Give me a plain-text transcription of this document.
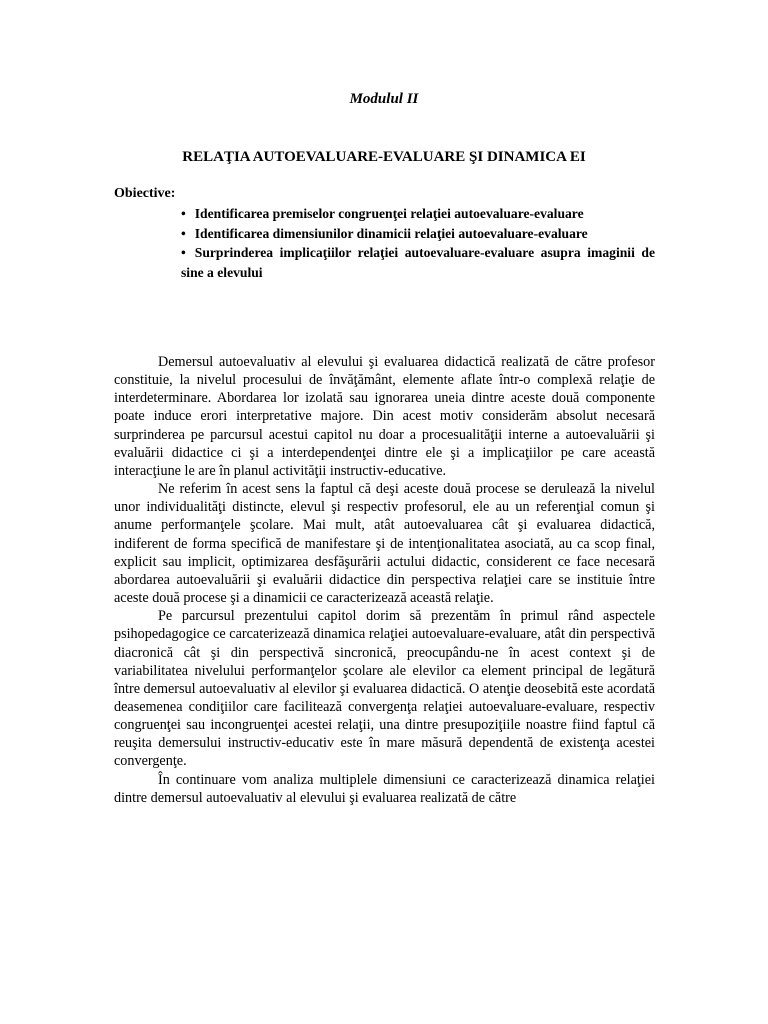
Modulul II
RELAŢIA AUTOEVALUARE-EVALUARE ŞI DINAMICA EI
Obiective:
• Identificarea premiselor congruenţei relaţiei autoevaluare-evaluare
• Identificarea dimensiunilor dinamicii relaţiei autoevaluare-evaluare
• Surprinderea implicaţiilor relaţiei autoevaluare-evaluare asupra imaginii de sine a elevului

Demersul autoevaluativ al elevului şi evaluarea didactică realizată de către profesor constituie, la nivelul procesului de învăţământ, elemente aflate într-o complexă relaţie de interdeterminare. Abordarea lor izolată sau ignorarea uneia dintre aceste două componente poate induce erori interpretative majore. Din acest motiv considerăm absolut necesară surprinderea pe parcursul acestui capitol nu doar a procesualităţii interne a autoevaluării şi evaluării didactice ci şi a interdependenţei dintre ele şi a implicaţiilor pe care această interacţiune le are în planul activităţii instructiv-educative.

Ne referim în acest sens la faptul că deşi aceste două procese se derulează la nivelul unor individualităţi distincte, elevul şi respectiv profesorul, ele au un referenţial comun şi anume performanţele şcolare. Mai mult, atât autoevaluarea cât şi evaluarea didactică, indiferent de forma specifică de manifestare şi de intenţionalitatea asociată, au ca scop final, explicit sau implicit, optimizarea desfăşurării actului didactic, considerent ce face necesară abordarea autoevaluării şi evaluării didactice din perspectiva relaţiei care se instituie între aceste două procese şi a dinamicii ce caracterizează această relaţie.

Pe parcursul prezentului capitol dorim să prezentăm în primul rând aspectele psihopedagogice ce carcaterizează dinamica relaţiei autoevaluare-evaluare, atât din perspectivă diacronică cât şi din perspectivă sincronică, preocupându-ne în acest context şi de variabilitatea nivelului performanţelor şcolare ale elevilor ca element principal de legătură între demersul autoevaluativ al elevilor şi evaluarea didactică. O atenţie deosebită este acordată deasemenea condiţiilor care facilitează convergenţa relaţiei autoevaluare-evaluare, respectiv congruenţei sau incongruenţei acestei relaţii, una dintre presupoziţiile noastre fiind faptul că reuşita demersului instructiv-educativ este în mare măsură dependentă de existenţa acestei convergenţe.

În continuare vom analiza multiplele dimensiuni ce caracterizează dinamica relaţiei dintre demersul autoevaluativ al elevului şi evaluarea realizată de către
